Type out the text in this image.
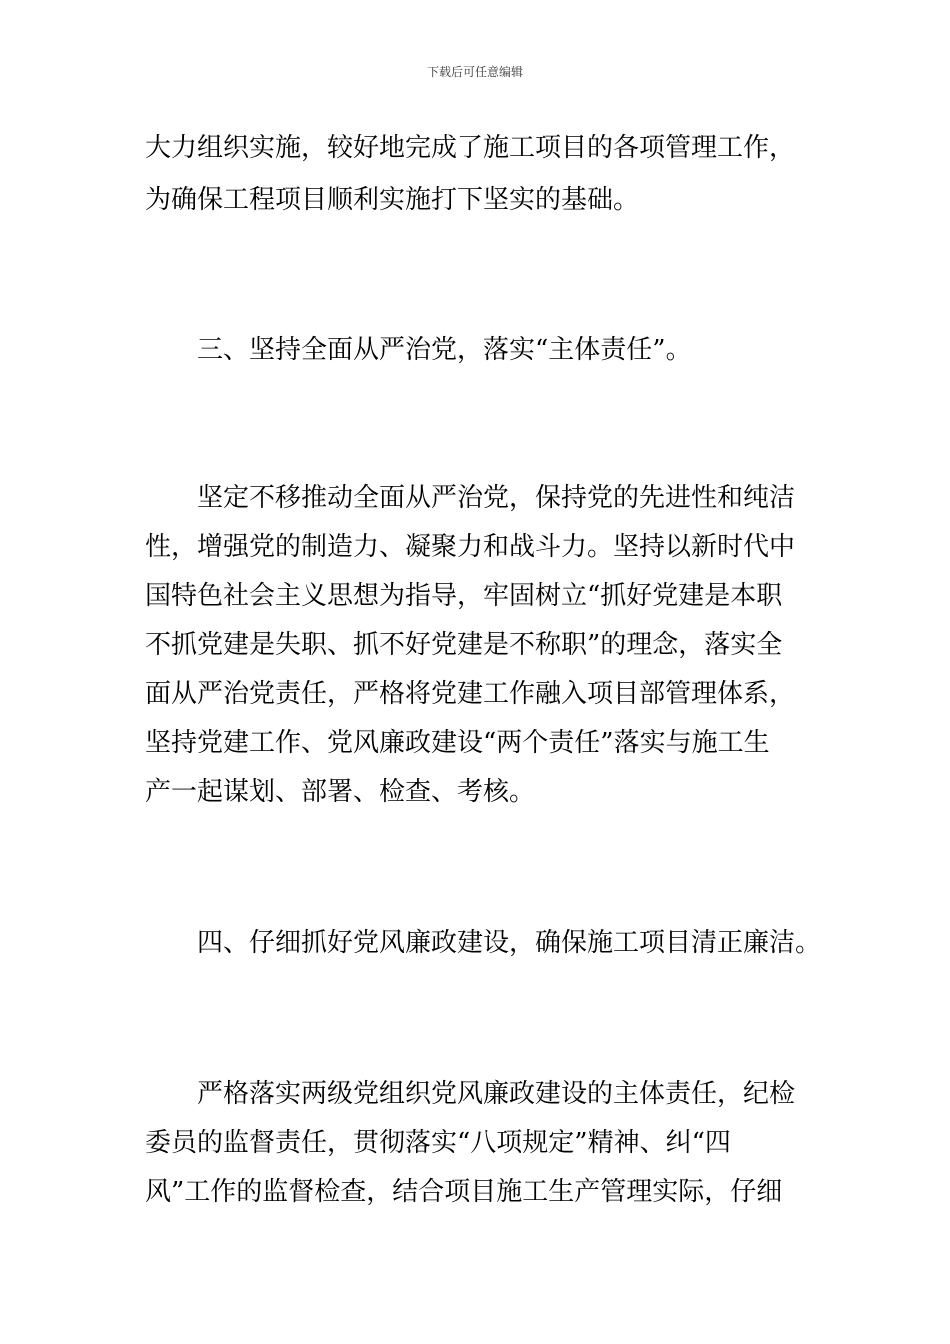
下载后可任意编辑
大力组织实施，较好地完成了施工项目的各项管理工作，
为确保工程项目顺利实施打下坚实的基础。
三、坚持全面从严治党，落实“主体责任”。
坚定不移推动全面从严治党，保持党的先进性和纯洁
性，增强党的制造力、凝聚力和战斗力。坚持以新时代中
国特色社会主义思想为指导，牢固树立“抓好党建是本职
不抓党建是失职、抓不好党建是不称职”的理念，落实全
面从严治党责任，严格将党建工作融入项目部管理体系，
坚持党建工作、党风廉政建设“两个责任”落实与施工生
产一起谋划、部署、检查、考核。
四、仔细抓好党风廉政建设，确保施工项目清正廉洁。
严格落实两级党组织党风廉政建设的主体责任，纪检
委员的监督责任，贯彻落实“八项规定”精神、纠“四
风”工作的监督检查，结合项目施工生产管理实际，仔细
